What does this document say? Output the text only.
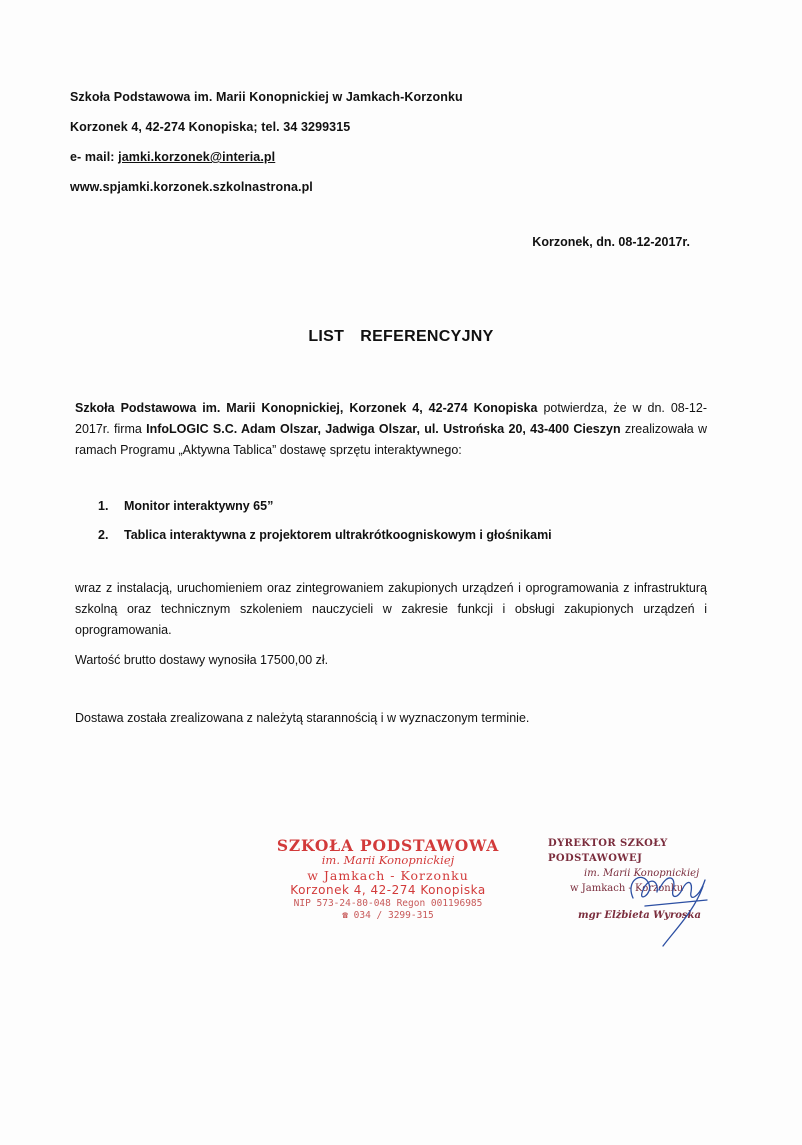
Szkoła Podstawowa im. Marii Konopnickiej w Jamkach-Korzonku
Korzonek 4, 42-274 Konopiska; tel. 34 3299315
e- mail: jamki.korzonek@interia.pl
www.spjamki.korzonek.szkolnastrona.pl
Korzonek, dn. 08-12-2017r.
LIST REFERENCYJNY
Szkoła Podstawowa im. Marii Konopnickiej, Korzonek 4, 42-274 Konopiska potwierdza, że w dn. 08-12-2017r. firma InfoLOGIC S.C. Adam Olszar, Jadwiga Olszar, ul. Ustrońska 20, 43-400 Cieszyn zrealizowała w ramach Programu „Aktywna Tablica” dostawę sprzętu interaktywnego:
1. Monitor interaktywny 65”
2. Tablica interaktywna z projektorem ultrakrótkoogniskowym i głośnikami
wraz z instalacją, uruchomieniem oraz zintegrowaniem zakupionych urządzeń i oprogramowania z infrastrukturą szkolną oraz technicznym szkoleniem nauczycieli w zakresie funkcji i obsługi zakupionych urządzeń i oprogramowania.
Wartość brutto dostawy wynosiła 17500,00 zł.
Dostawa została zrealizowana z należytą starannością i w wyznaczonym terminie.
SZKOŁA PODSTAWOWA
im. Marii Konopnickiej
w Jamkach - Korzonku
Korzonek 4, 42-274 Konopiska
NIP 573-24-80-048 Regon 001196985
☎ 034 / 3299-315
DYREKTOR SZKOŁY PODSTAWOWEJ
im. Marii Konopnickiej
w Jamkach - Korzonku
mgr Elżbieta Wyroska
